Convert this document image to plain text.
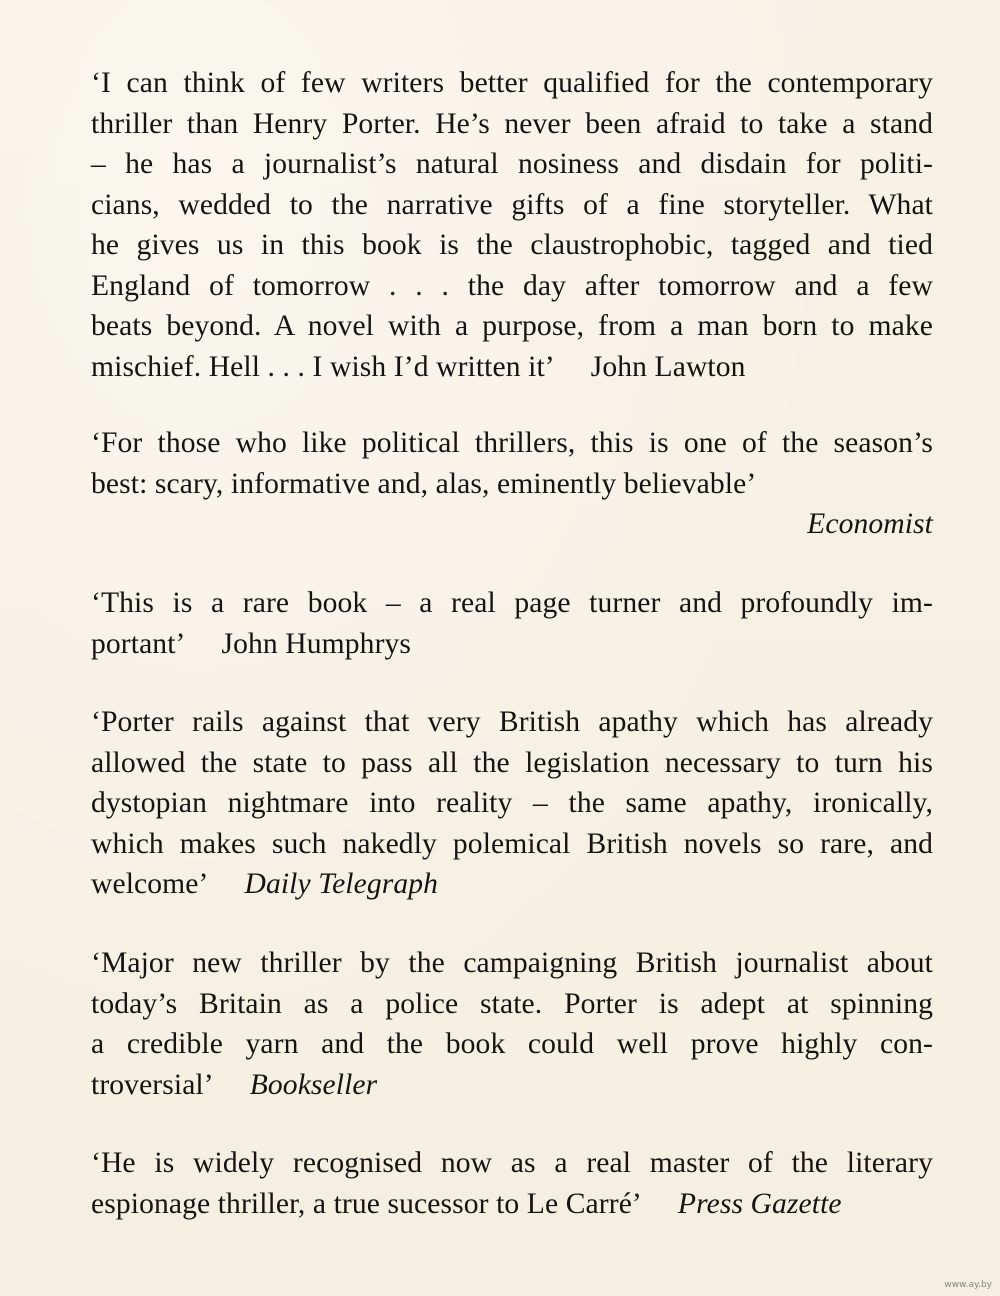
‘I can think of few writers better qualified for the contemporary
thriller than Henry Porter. He’s never been afraid to take a stand
– he has a journalist’s natural nosiness and disdain for politi-
cians, wedded to the narrative gifts of a fine storyteller. What
he gives us in this book is the claustrophobic, tagged and tied
England of tomorrow . . . the day after tomorrow and a few
beats beyond. A novel with a purpose, from a man born to make
mischief. Hell . . . I wish I’d written it’ John Lawton

‘For those who like political thrillers, this is one of the season’s
best: scary, informative and, alas, eminently believable’
Economist

‘This is a rare book – a real page turner and profoundly im-
portant’ John Humphrys

‘Porter rails against that very British apathy which has already
allowed the state to pass all the legislation necessary to turn his
dystopian nightmare into reality – the same apathy, ironically,
which makes such nakedly polemical British novels so rare, and
welcome’ Daily Telegraph

‘Major new thriller by the campaigning British journalist about
today’s Britain as a police state. Porter is adept at spinning
a credible yarn and the book could well prove highly con-
troversial’ Bookseller

‘He is widely recognised now as a real master of the literary
espionage thriller, a true sucessor to Le Carré’ Press Gazette

www.ay.by
